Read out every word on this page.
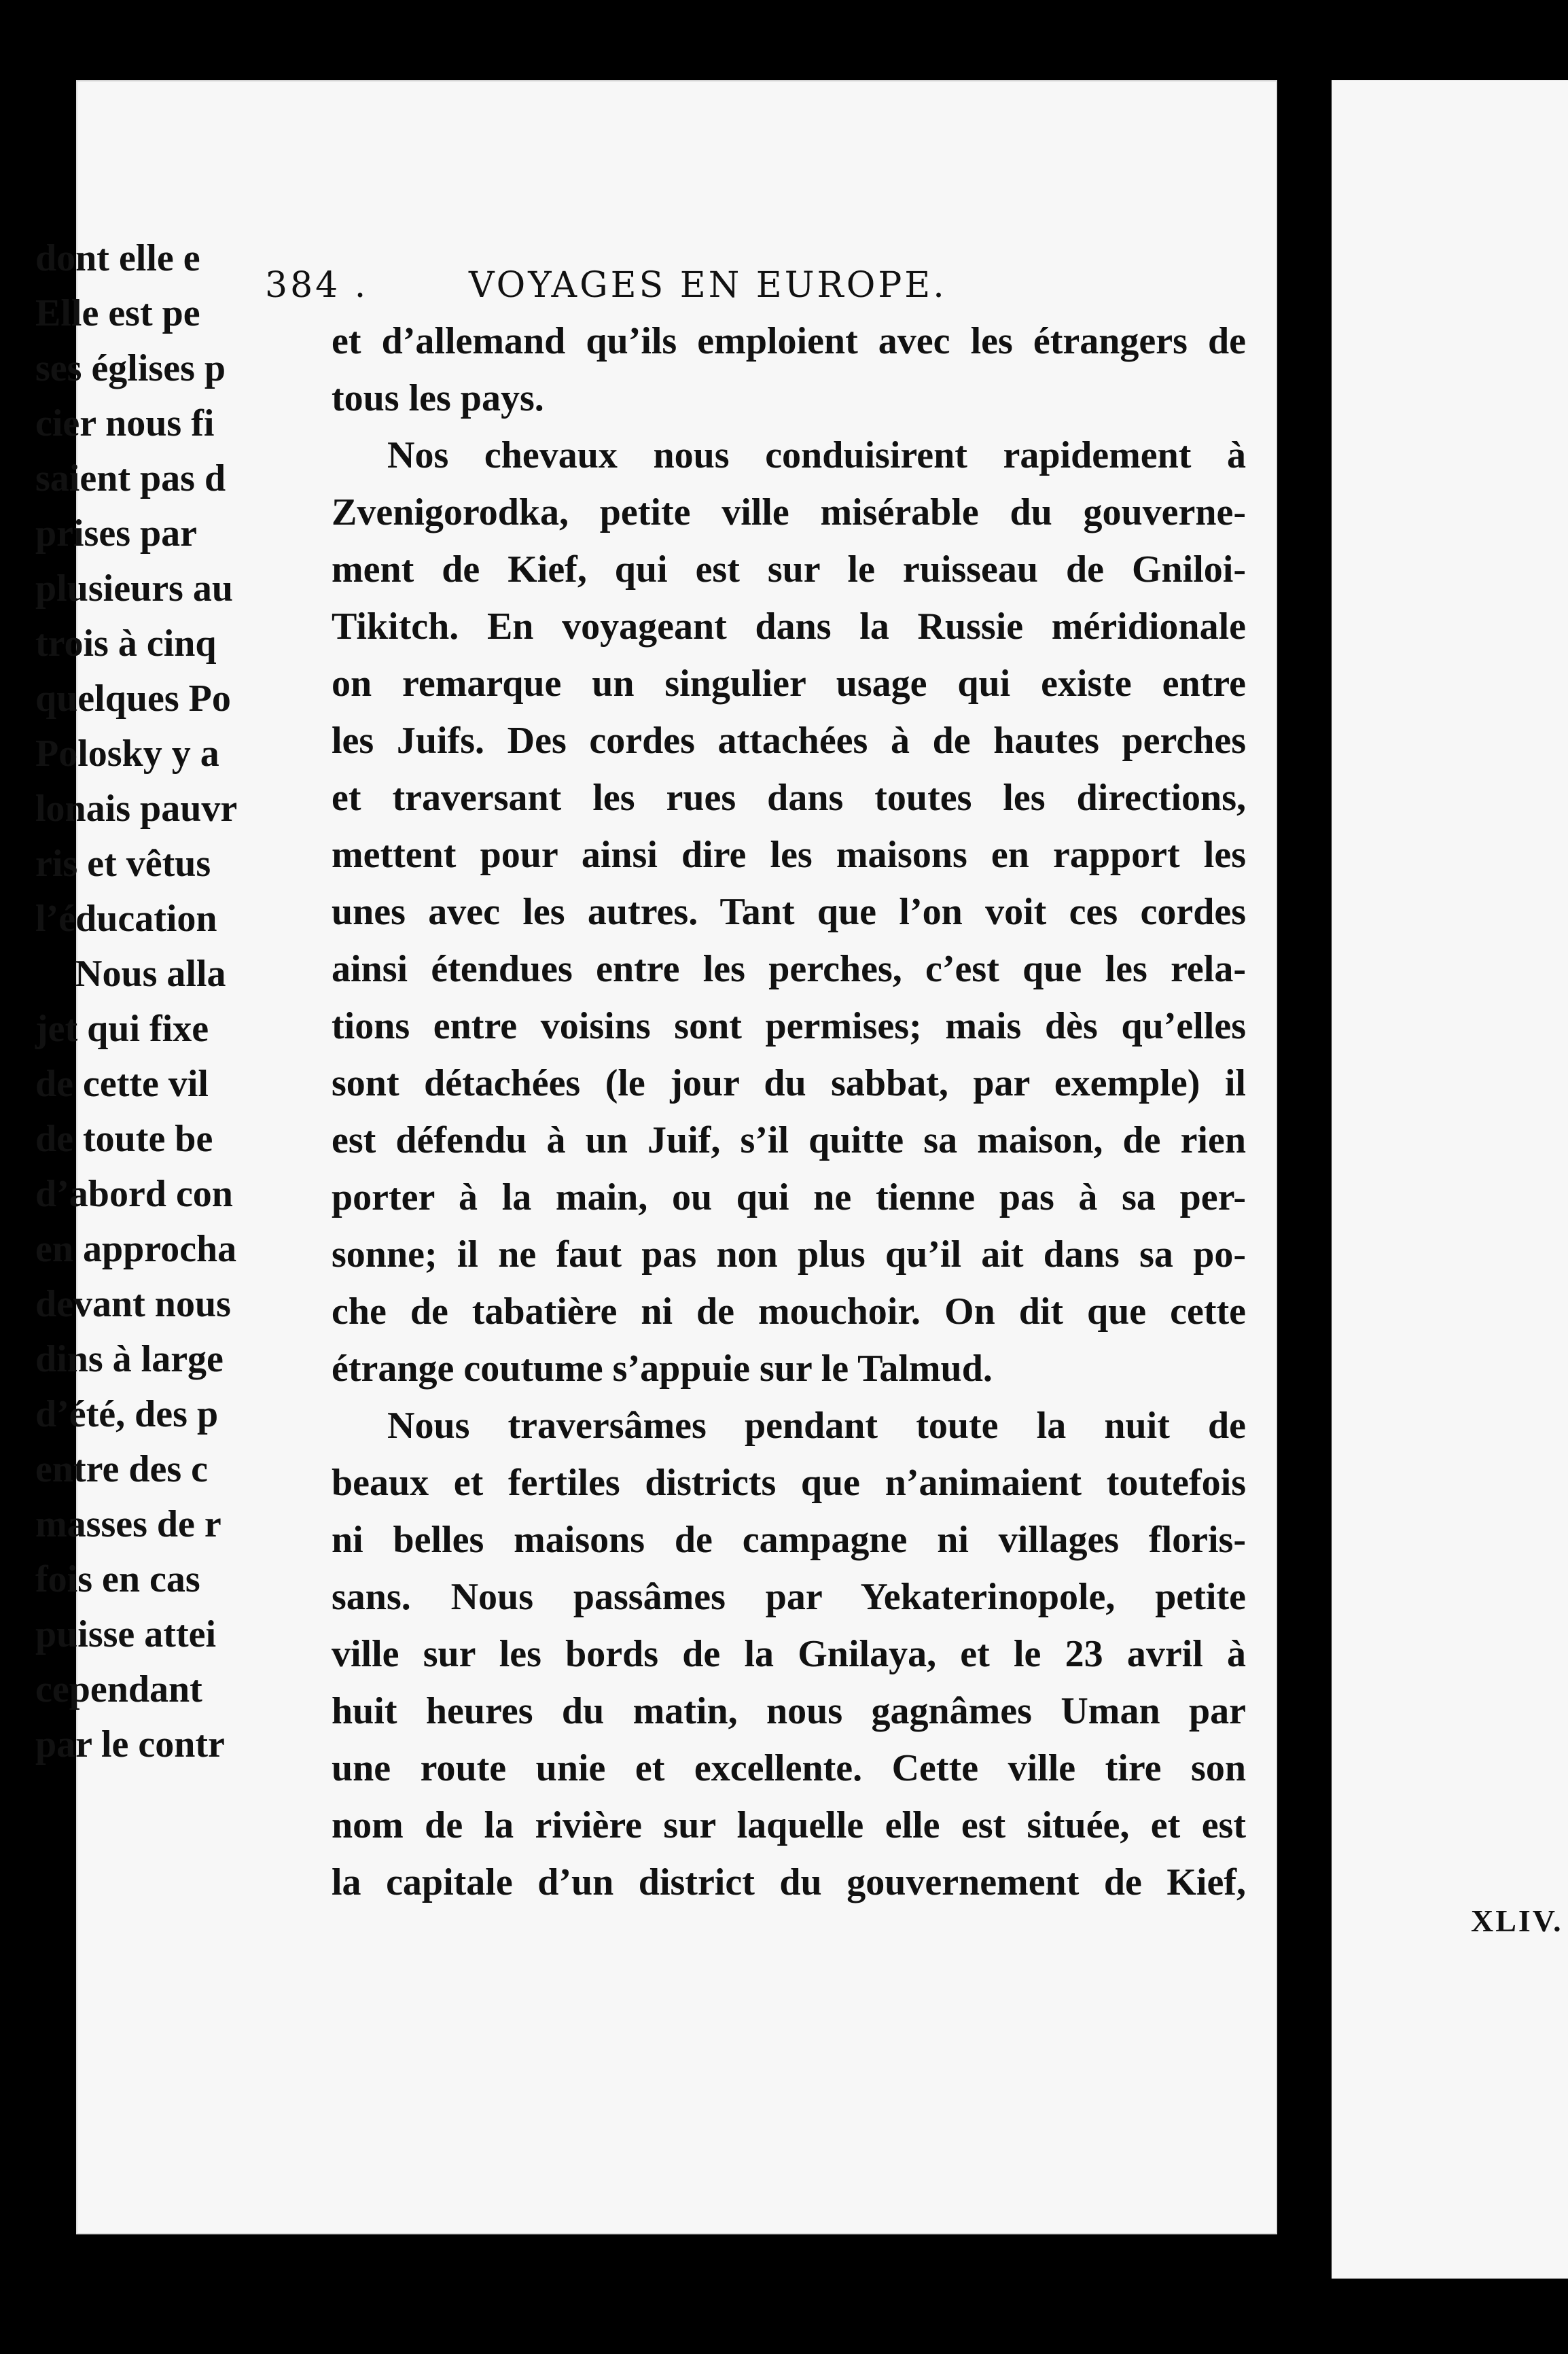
384 .	VOYAGES EN EUROPE.
et d’allemand qu’ils emploient avec les étrangers de
tous les pays.
Nos chevaux nous conduisirent rapidement à
Zvenigorodka, petite ville misérable du gouverne-
ment de Kief, qui est sur le ruisseau de Gniloi-
Tikitch. En voyageant dans la Russie méridionale
on remarque un singulier usage qui existe entre
les Juifs. Des cordes attachées à de hautes perches
et traversant les rues dans toutes les directions,
mettent pour ainsi dire les maisons en rapport les
unes avec les autres. Tant que l’on voit ces cordes
ainsi étendues entre les perches, c’est que les rela-
tions entre voisins sont permises; mais dès qu’elles
sont détachées (le jour du sabbat, par exemple) il
est défendu à un Juif, s’il quitte sa maison, de rien
porter à la main, ou qui ne tienne pas à sa per-
sonne; il ne faut pas non plus qu’il ait dans sa po-
che de tabatière ni de mouchoir. On dit que cette
étrange coutume s’appuie sur le Talmud.
Nous traversâmes pendant toute la nuit de
beaux et fertiles districts que n’animaient toutefois
ni belles maisons de campagne ni villages floris-
sans. Nous passâmes par Yekaterinopole, petite
ville sur les bords de la Gnilaya, et le 23 avril à
huit heures du matin, nous gagnâmes Uman par
une route unie et excellente. Cette ville tire son
nom de la rivière sur laquelle elle est située, et est
la capitale d’un district du gouvernement de Kief,
dont elle e
Elle est pe
ses églises p
cier nous fi
saient pas d
prises par
plusieurs au
trois à cinq
quelques Po
Polosky y a
lonais pauvr
ris et vêtus
l’éducation
Nous alla
jet qui fixe
de cette vil
de toute be
d’abord con
en approcha
devant nous
dins à large
d’été, des p
entre des c
masses de r
fois en cas
puisse attei
cependant
par le contr
XLIV.
